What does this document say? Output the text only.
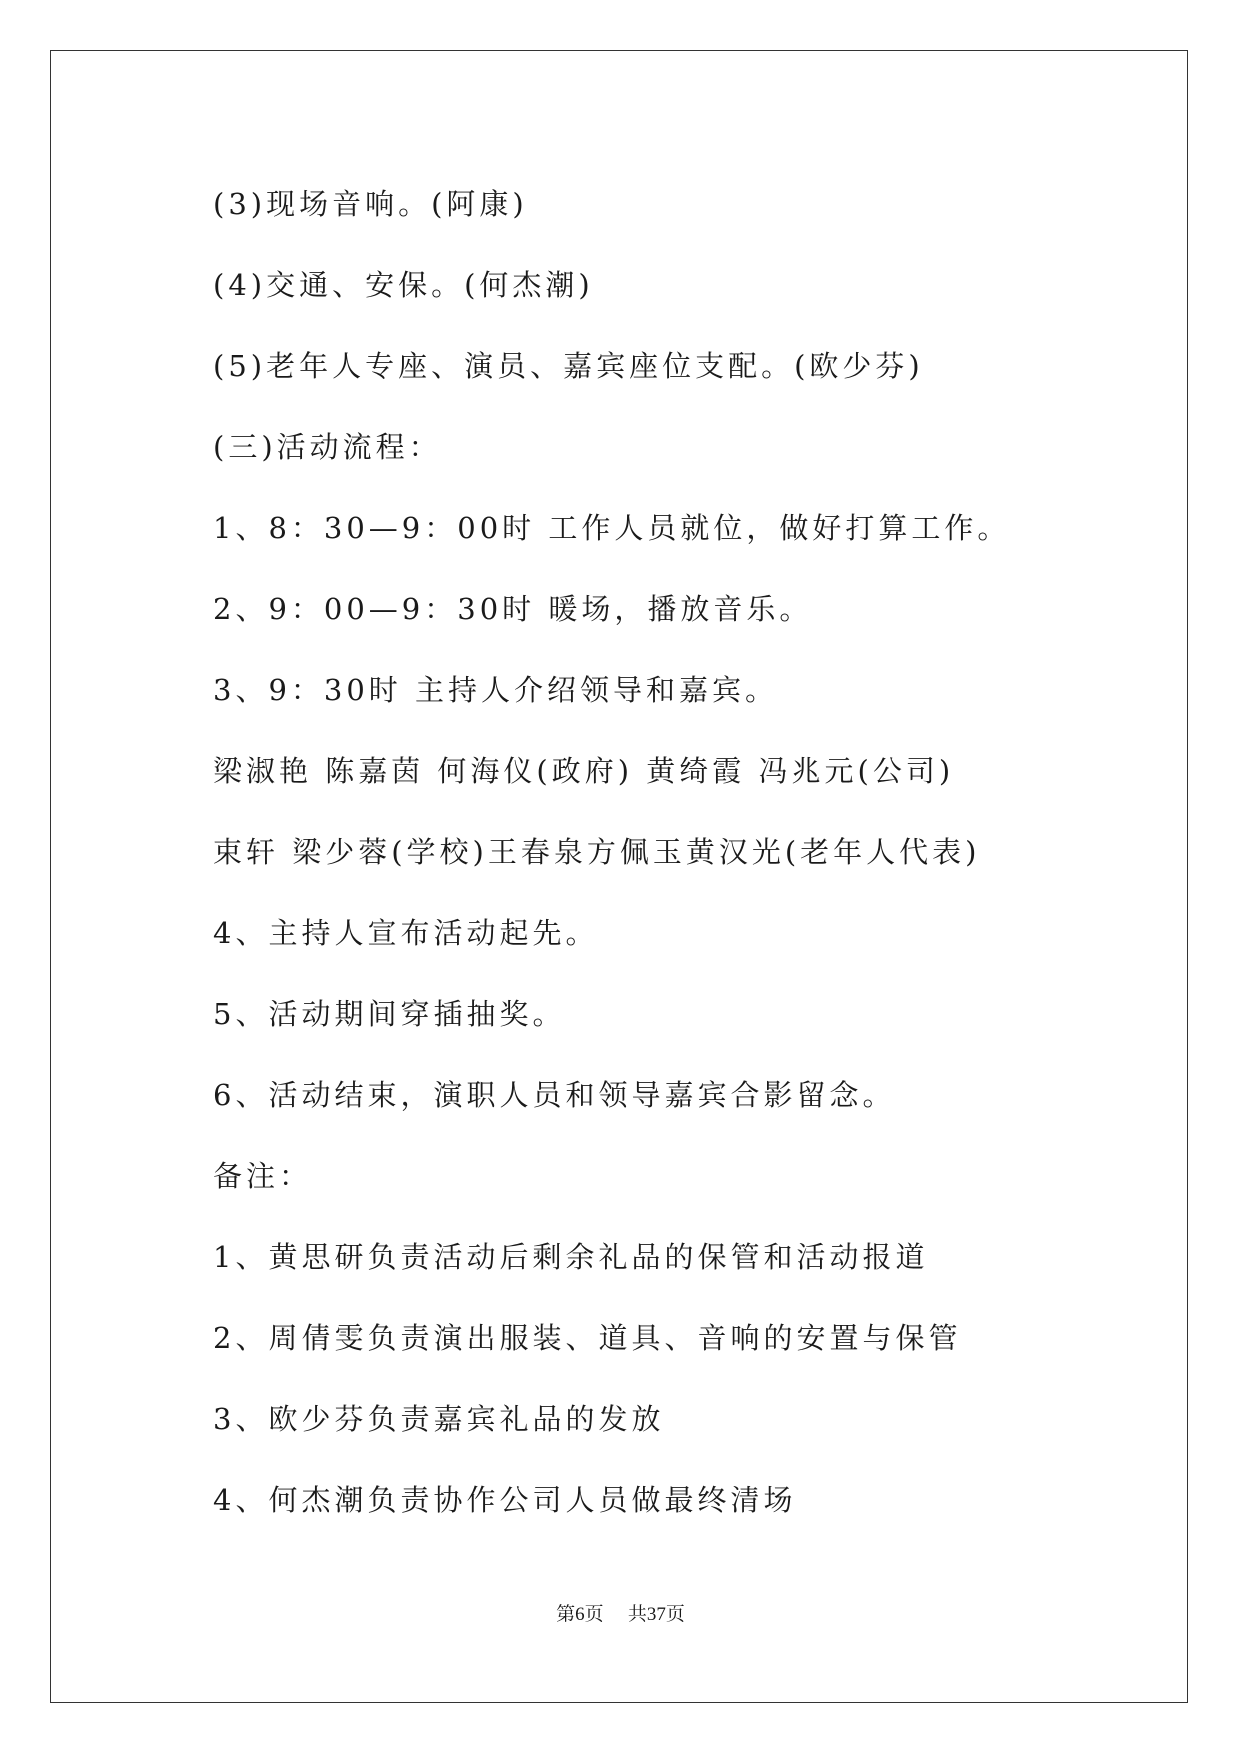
(3)现场音响。(阿康)
(4)交通、安保。(何杰潮)
(5)老年人专座、演员、嘉宾座位支配。(欧少芬)
(三)活动流程：
1、8：30—9：00时 工作人员就位，做好打算工作。
2、9：00—9：30时 暖场，播放音乐。
3、9：30时 主持人介绍领导和嘉宾。
梁淑艳 陈嘉茵 何海仪(政府) 黄绮霞 冯兆元(公司)
束轩 梁少蓉(学校)王春泉方佩玉黄汉光(老年人代表)
4、主持人宣布活动起先。
5、活动期间穿插抽奖。
6、活动结束，演职人员和领导嘉宾合影留念。
备注：
1、黄思研负责活动后剩余礼品的保管和活动报道
2、周倩雯负责演出服装、道具、音响的安置与保管
3、欧少芬负责嘉宾礼品的发放
4、何杰潮负责协作公司人员做最终清场
第6页 共37页
